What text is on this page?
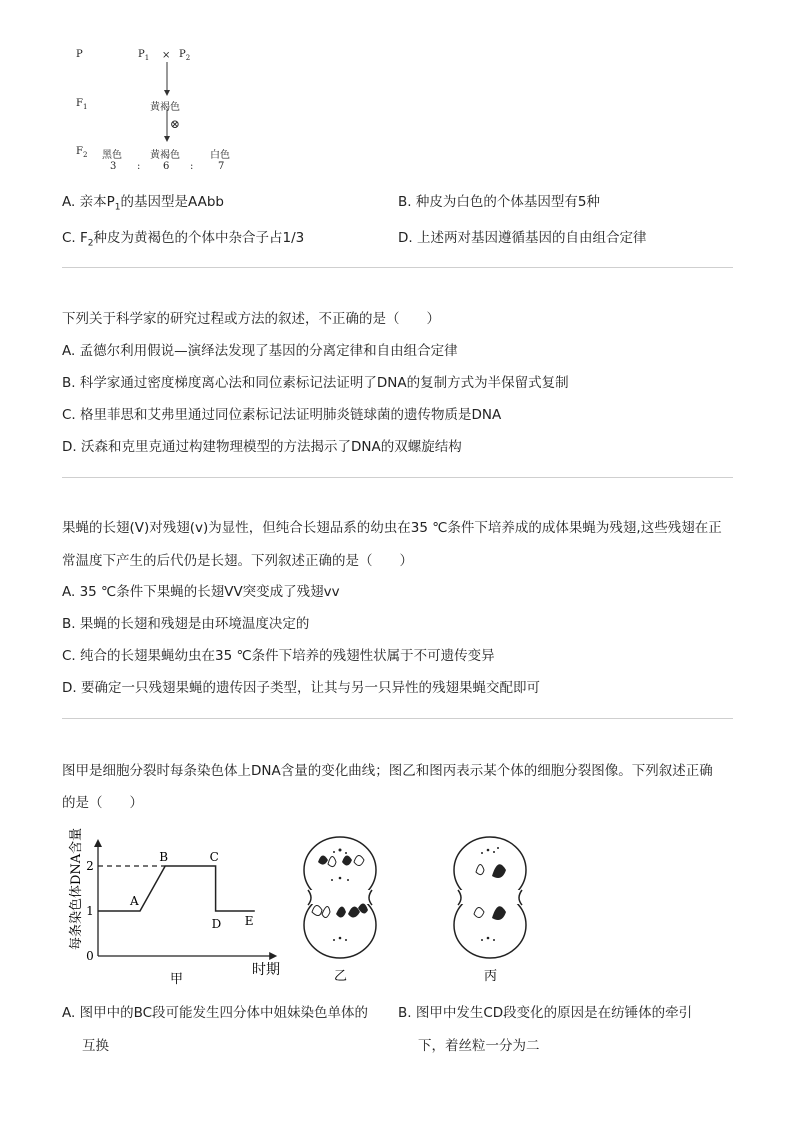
P	$P_1 \times P_2$
$F_1$	黄褐色
⊗
$F_2$ 黑色	黄褐色	白色
3 : 6 : 7
A. 亲本$P_1$的基因型是AAbb	B. 种皮为白色的个体基因型有5种
C. $F_2$种皮为黄褐色的个体中杂合子占1/3	D. 上述两对基因遵循基因的自由组合定律
下列关于科学家的研究过程或方法的叙述，不正确的是（　　）
A. 孟德尔利用假说—演绎法发现了基因的分离定律和自由组合定律
B. 科学家通过密度梯度离心法和同位素标记法证明了DNA的复制方式为半保留式复制
C. 格里菲思和艾弗里通过同位素标记法证明肺炎链球菌的遗传物质是DNA
D. 沃森和克里克通过构建物理模型的方法揭示了DNA的双螺旋结构
果蝇的长翅(V)对残翅(v)为显性，但纯合长翅品系的幼虫在35 ℃条件下培养成的成体果蝇为残翅,这些残翅在正
常温度下产生的后代仍是长翅。下列叙述正确的是（　　）
A. 35 ℃条件下果蝇的长翅VV突变成了残翅vv
B. 果蝇的长翅和残翅是由环境温度决定的
C. 纯合的长翅果蝇幼虫在35 ℃条件下培养的残翅性状属于不可遗传变异
D. 要确定一只残翅果蝇的遗传因子类型，让其与另一只异性的残翅果蝇交配即可
图甲是细胞分裂时每条染色体上DNA含量的变化曲线；图乙和图丙表示某个体的细胞分裂图像。下列叙述正确
的是（　　）
每条染色体DNA含量
0
1
2
A
B	C
D E
时期
甲	乙	丙
A. 图甲中的BC段可能发生四分体中姐妹染色单体的
互换
B. 图甲中发生CD段变化的原因是在纺锤体的牵引
下，着丝粒一分为二
